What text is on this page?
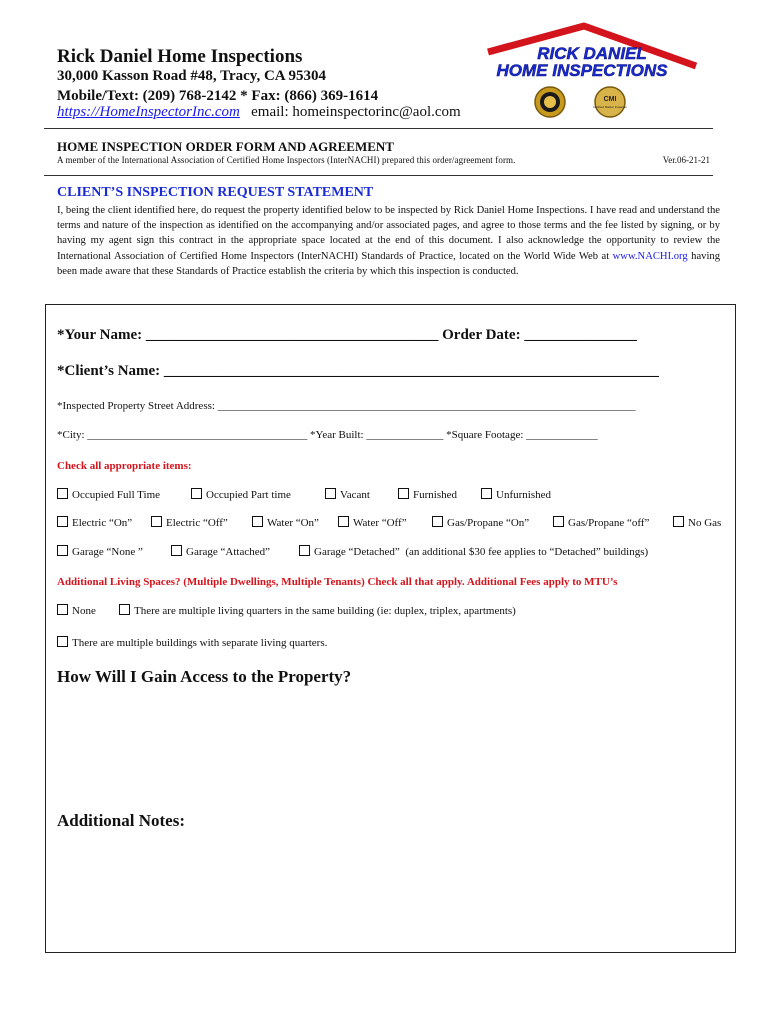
Rick Daniel Home Inspections
30,000 Kasson Road #48, Tracy, CA 95304
Mobile/Text: (209) 768-2142 * Fax: (866) 369-1614
https://HomeInspectorInc.com email: homeinspectorinc@aol.com
RICK DANIEL
HOME INSPECTIONS
CMI
Certified Master Inspector
HOME INSPECTION ORDER FORM AND AGREEMENT
A member of the International Association of Certified Home Inspectors (InterNACHI) prepared this order/agreement form.	Ver.06-21-21
CLIENT’S INSPECTION REQUEST STATEMENT
I, being the client identified here, do request the property identified below to be inspected by Rick Daniel Home Inspections. I have read and understand the terms and nature of the inspection as identified on the accompanying and/or associated pages, and agree to those terms and the fee listed by signing, or by having my agent sign this contract in the appropriate space located at the end of this document. I also acknowledge the opportunity to review the International Association of Certified Home Inspectors (InterNACHI) Standards of Practice, located on the World Wide Web at www.NACHI.org having been made aware that these Standards of Practice establish the criteria by which this inspection is conducted.
*Your Name: _______________________________________ Order Date: _______________
*Client’s Name: __________________________________________________________________
*Inspected Property Street Address: ____________________________________________________________________________
*City: ________________________________________ *Year Built: ______________ *Square Footage: _____________
Check all appropriate items:
Occupied Full Time	Occupied Part time	Vacant	Furnished	Unfurnished
Electric “On”	Electric “Off”	Water “On”	Water “Off”	Gas/Propane “On”	Gas/Propane “off”	No Gas
Garage “None ”	Garage “Attached”	Garage “Detached” (an additional $30 fee applies to “Detached” buildings)
Additional Living Spaces? (Multiple Dwellings, Multiple Tenants) Check all that apply. Additional Fees apply to MTU’s
None	There are multiple living quarters in the same building (ie: duplex, triplex, apartments)
There are multiple buildings with separate living quarters.
How Will I Gain Access to the Property?
Additional Notes:
